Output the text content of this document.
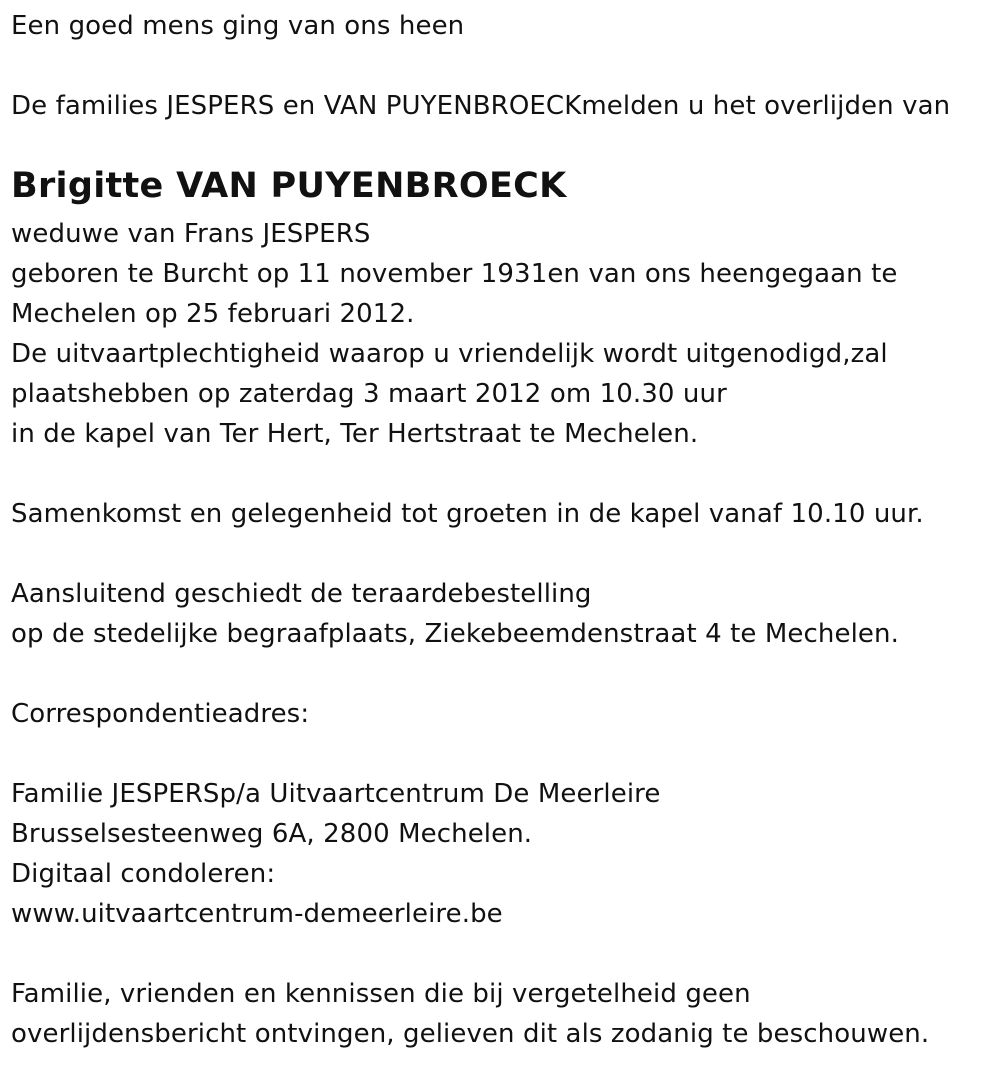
Een goed mens ging van ons heen
De families JESPERS en VAN PUYENBROECKmelden u het overlijden van
Brigitte VAN PUYENBROECK
weduwe van Frans JESPERS
geboren te Burcht op 11 november 1931en van ons heengegaan te
Mechelen op 25 februari 2012.
De uitvaartplechtigheid waarop u vriendelijk wordt uitgenodigd,zal
plaatshebben op zaterdag 3 maart 2012 om 10.30 uur
in de kapel van Ter Hert, Ter Hertstraat te Mechelen.
Samenkomst en gelegenheid tot groeten in de kapel vanaf 10.10 uur.
Aansluitend geschiedt de teraardebestelling
op de stedelijke begraafplaats, Ziekebeemdenstraat 4 te Mechelen.
Correspondentieadres:
Familie JESPERSp/a Uitvaartcentrum De Meerleire
Brusselsesteenweg 6A, 2800 Mechelen.
Digitaal condoleren:
www.uitvaartcentrum-demeerleire.be
Familie, vrienden en kennissen die bij vergetelheid geen
overlijdensbericht ontvingen, gelieven dit als zodanig te beschouwen.
